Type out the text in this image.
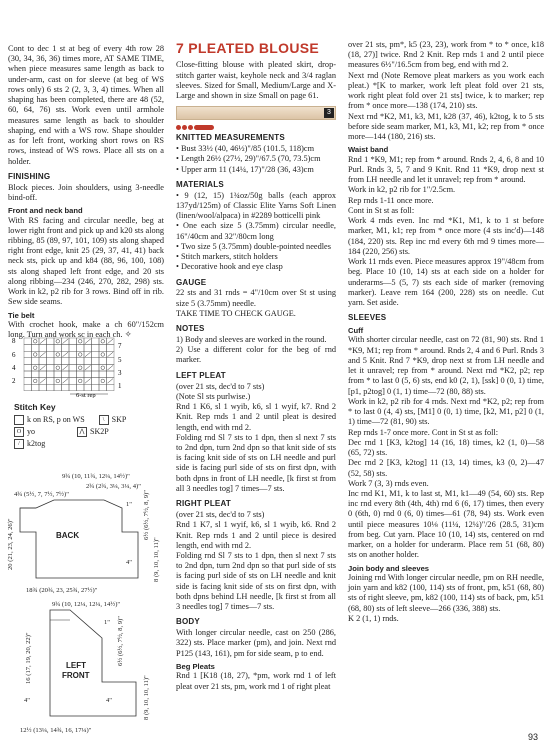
Cont to dec 1 st at beg of every 4th row 28 (30, 34, 36, 36) times more, AT SAME TIME, when piece measures same length as back to under-arm, cast on for sleeve (at beg of WS rows only) 6 sts 2 (2, 3, 3, 4) times. When all shaping has been completed, there are 48 (52, 60, 64, 76) sts. Work even until armhole measures same length as back to shoulder shaping, end with a WS row. Shape shoulder as for left front, working short rows on RS rows, instead of WS rows. Place all sts on a holder.

FINISHING

Block pieces. Join shoulders, using 3-needle bind-off.

Front and neck band

With RS facing and circular needle, beg at lower right front and pick up and k20 sts along ribbing, 85 (89, 97, 101, 109) sts along shaped right front edge, knit 25 (29, 37, 41, 41) back neck sts, pick up and k84 (88, 96, 100, 108) sts along shaped left front edge, and 20 sts along ribbing—234 (246, 270, 282, 298) sts. Work in k2, p2 rib for 3 rows. Bind off in rib. Sew side seams.

Tie belt

With crochet hook, make a ch 60"/152cm long. Turn and work sc in each ch. ✧

8
6
4
2
7
5
3
1
6-st rep
Stitch Key
k on RS, p on WS	\ SKP
O yo	⋀ SK2P
/ k2tog
9¾ (10, 11¾, 12¼, 14½)"
2¾ (2¾, 3¼, 3¼, 4)"
4¾ (5½, 7, 7½, 7½)"
BACK
1"
4"
20 (21, 23, 24, 26)"
6½ (6½, 7½, 8, 9)"
8 (9, 10, 10, 11)"
18¾ (20¾, 23, 25¾, 27½)"
9¾ (10, 12¼, 12¼, 14½)"
LEFT
FRONT
1"
4"	4"
16 (17, 19, 20, 22)"	6½ (6½, 7½, 8, 9)"
8 (9, 10, 10, 11)"
12½ (13¼, 14¾, 16, 17¼)"
7 PLEATED BLOUSE

Close-fitting blouse with pleated skirt, drop-stitch garter waist, keyhole neck and 3/4 raglan sleeves. Sized for Small, Medium/Large and X-Large and shown in size Small on page 61.

3
KNITTED MEASUREMENTS

• Bust 33½ (40, 46½)"/85 (101.5, 118)cm

• Length 26½ (27½, 29)"/67.5 (70, 73.5)cm

• Upper arm 11 (14¼, 17)"/28 (36, 43)cm

MATERIALS

• 9 (12, 15) 1¾oz/50g balls (each approx 137yd/125m) of Classic Elite Yarns Soft Linen (linen/wool/alpaca) in #2289 botticelli pink

• One each size 5 (3.75mm) circular needle, 16"/40cm and 32"/80cm long

• Two size 5 (3.75mm) double-pointed needles

• Stitch markers, stitch holders

• Decorative hook and eye clasp

GAUGE

22 sts and 31 rnds = 4"/10cm over St st using size 5 (3.75mm) needle.

TAKE TIME TO CHECK GAUGE.

NOTES

1) Body and sleeves are worked in the round.

2) Use a different color for the beg of rnd marker.

LEFT PLEAT

(over 21 sts, dec'd to 7 sts)

(Note Sl sts purlwise.)

Rnd 1 K6, sl 1 wyib, k6, sl 1 wyif, k7. Rnd 2 Knit. Rep rnds 1 and 2 until pleat is desired length, end with rnd 2.

Folding rnd Sl 7 sts to 1 dpn, then sl next 7 sts to 2nd dpn, turn 2nd dpn so that knit side of sts is facing knit side of sts on LH needle and purl side is facing purl side of sts on first dpn, with both dpns in front of LH needle, [k first st from all 3 needles tog] 7 times—7 sts.

RIGHT PLEAT

(over 21 sts, dec'd to 7 sts)

Rnd 1 K7, sl 1 wyif, k6, sl 1 wyib, k6. Rnd 2 Knit. Rep rnds 1 and 2 until piece is desired length, end with rnd 2.

Folding rnd Sl 7 sts to 1 dpn, then sl next 7 sts to 2nd dpn, turn 2nd dpn so that purl side of sts is facing purl side of sts on LH needle and knit side is facing knit side of sts on first dpn, with both dpns behind LH needle, [k first st from all 3 needles tog] 7 times—7 sts.

BODY

With longer circular needle, cast on 250 (286, 322) sts. Place marker (pm), and join. Next rnd P125 (143, 161), pm for side seam, p to end.

Beg Pleats

Rnd 1 [K18 (18, 27), *pm, work rnd 1 of left pleat over 21 sts, pm, work rnd 1 of right pleat

over 21 sts, pm*, k5 (23, 23), work from * to * once, k18 (18, 27)] twice. Rnd 2 Knit. Rep rnds 1 and 2 until piece measures 6½"/16.5cm from beg, end with rnd 2.

Next rnd (Note Remove pleat markers as you work each pleat.) *[K to marker, work left pleat fold over 21 sts, work right pleat fold over 21 sts] twice, k to marker; rep from * once more—138 (174, 210) sts.

Next rnd *K2, M1, k3, M1, k28 (37, 46), k2tog, k to 5 sts before side seam marker, M1, k3, M1, k2; rep from * once more—144 (180, 216) sts.

Waist band

Rnd 1 *K9, M1; rep from * around. Rnds 2, 4, 6, 8 and 10 Purl. Rnds 3, 5, 7 and 9 Knit. Rnd 11 *K9, drop next st from LH needle and let it unravel; rep from * around.

Work in k2, p2 rib for 1"/2.5cm.

Rep rnds 1-11 once more.

Cont in St st as foll:

Work 4 rnds even. Inc rnd *K1, M1, k to 1 st before marker, M1, k1; rep from * once more (4 sts inc'd)—148 (184, 220) sts. Rep inc rnd every 6th rnd 9 times more—184 (220, 256) sts.

Work 11 rnds even. Piece measures approx 19"/48cm from beg. Place 10 (10, 14) sts at each side on a holder for underarms—5 (5, 7) sts each side of marker (removing marker). Leave rem 164 (200, 228) sts on needle. Cut yarn. Set aside.

SLEEVES
Cuff

With shorter circular needle, cast on 72 (81, 90) sts. Rnd 1 *K9, M1; rep from * around. Rnds 2, 4 and 6 Purl. Rnds 3 and 5 Knit. Rnd 7 *K9, drop next st from LH needle and let it unravel; rep from * around. Next rnd *K2, p2; rep from * to last 0 (5, 6) sts, end k0 (2, 1), [ssk] 0 (0, 1) time, [p1, p2tog] 0 (1, 1) time—72 (80, 88) sts.

Work in k2, p2 rib for 4 rnds. Next rnd *K2, p2; rep from * to last 0 (4, 4) sts, [M1] 0 (0, 1) time, [k2, M1, p2] 0 (1, 1) time—72 (81, 90) sts.

Rep rnds 1-7 once more. Cont in St st as foll:

Dec rnd 1 [K3, k2tog] 14 (16, 18) times, k2 (1, 0)—58 (65, 72) sts.

Dec rnd 2 [K3, k2tog] 11 (13, 14) times, k3 (0, 2)—47 (52, 58) sts.

Work 7 (3, 3) rnds even.

Inc rnd K1, M1, k to last st, M1, k1—49 (54, 60) sts. Rep inc rnd every 8th (4th, 4th) rnd 6 (6, 17) times, then every 0 (6th, 0) rnd 0 (6, 0) times—61 (78, 94) sts. Work even until piece measures 10⅛ (11¼, 12¼)"/26 (28.5, 31)cm from beg. Cut yarn. Place 10 (10, 14) sts, centered on rnd marker, on a holder for underarm. Place rem 51 (68, 80) sts on another holder.

Join body and sleeves

Joining rnd With longer circular needle, pm on RH needle, join yarn and k82 (100, 114) sts of front, pm, k51 (68, 80) sts of right sleeve, pm, k82 (100, 114) sts of back, pm, k51 (68, 80) sts of left sleeve—266 (336, 388) sts.

K 2 (1, 1) rnds.

93
